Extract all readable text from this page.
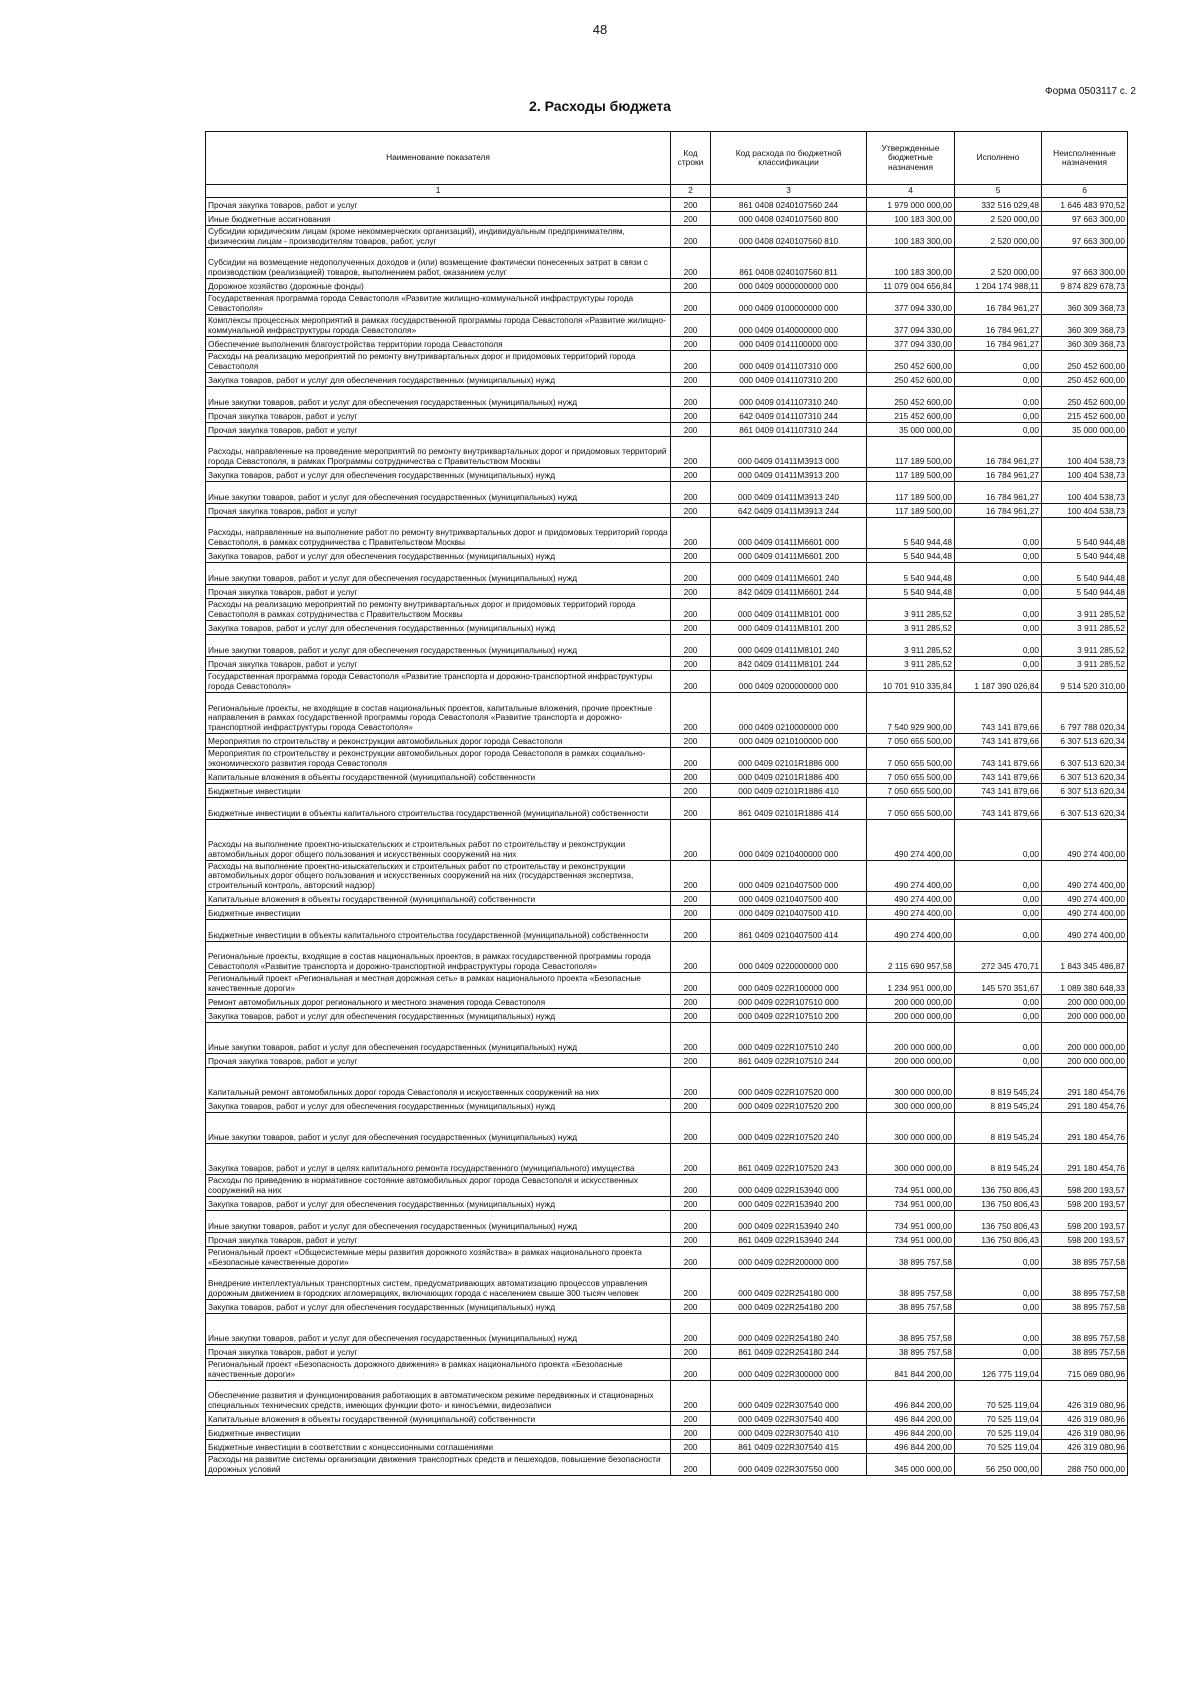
48
Форма 0503117 с. 2
2. Расходы бюджета
Наименование показателя	Код строки	Код расхода по бюджетной классификации	Утвержденные бюджетные назначения	Исполнено	Неисполненные назначения
1	2	3	4	5	6
Прочая закупка товаров, работ и услуг	200	861 0408 0240107560 244	1 979 000 000,00	332 516 029,48	1 646 483 970,52
Иные бюджетные ассигнования	200	000 0408 0240107560 800	100 183 300,00	2 520 000,00	97 663 300,00
Субсидии юридическим лицам (кроме некоммерческих организаций), индивидуальным предпринимателям, физическим лицам - производителям товаров, работ, услуг	200	000 0408 0240107560 810	100 183 300,00	2 520 000,00	97 663 300,00
Субсидии на возмещение недополученных доходов и (или) возмещение фактически понесенных затрат в связи с производством (реализацией) товаров, выполнением работ, оказанием услуг	200	861 0408 0240107560 811	100 183 300,00	2 520 000,00	97 663 300,00
Дорожное хозяйство (дорожные фонды)	200	000 0409 0000000000 000	11 079 004 656,84	1 204 174 988,11	9 874 829 678,73
Государственная программа города Севастополя «Развитие жилищно-коммунальной инфраструктуры города Севастополя»	200	000 0409 0100000000 000	377 094 330,00	16 784 961,27	360 309 368,73
Комплексы процессных мероприятий в рамках государственной программы города Севастополя «Развитие жилищно-коммунальной инфраструктуры города Севастополя»	200	000 0409 0140000000 000	377 094 330,00	16 784 961,27	360 309 368,73
Обеспечение выполнения благоустройства территории города Севастополя	200	000 0409 0141100000 000	377 094 330,00	16 784 961,27	360 309 368,73
Расходы на реализацию мероприятий по ремонту внутриквартальных дорог и придомовых территорий города Севастополя	200	000 0409 0141107310 000	250 452 600,00	0,00	250 452 600,00
Закупка товаров, работ и услуг для обеспечения государственных (муниципальных) нужд	200	000 0409 0141107310 200	250 452 600,00	0,00	250 452 600,00
Иные закупки товаров, работ и услуг для обеспечения государственных (муниципальных) нужд	200	000 0409 0141107310 240	250 452 600,00	0,00	250 452 600,00
Прочая закупка товаров, работ и услуг	200	642 0409 0141107310 244	215 452 600,00	0,00	215 452 600,00
Прочая закупка товаров, работ и услуг	200	861 0409 0141107310 244	35 000 000,00	0,00	35 000 000,00
Расходы, направленные на проведение мероприятий по ремонту внутриквартальных дорог и придомовых территорий города Севастополя, в рамках Программы сотрудничества с Правительством Москвы	200	000 0409 01411M3913 000	117 189 500,00	16 784 961,27	100 404 538,73
Закупка товаров, работ и услуг для обеспечения государственных (муниципальных) нужд	200	000 0409 01411M3913 200	117 189 500,00	16 784 961,27	100 404 538,73
Иные закупки товаров, работ и услуг для обеспечения государственных (муниципальных) нужд	200	000 0409 01411M3913 240	117 189 500,00	16 784 961,27	100 404 538,73
Прочая закупка товаров, работ и услуг	200	642 0409 01411M3913 244	117 189 500,00	16 784 961,27	100 404 538,73
Расходы, направленные на выполнение работ по ремонту внутриквартальных дорог и придомовых территорий города Севастополя, в рамках сотрудничества с Правительством Москвы	200	000 0409 01411M6601 000	5 540 944,48	0,00	5 540 944,48
Закупка товаров, работ и услуг для обеспечения государственных (муниципальных) нужд	200	000 0409 01411M6601 200	5 540 944,48	0,00	5 540 944,48
Иные закупки товаров, работ и услуг для обеспечения государственных (муниципальных) нужд	200	000 0409 01411M6601 240	5 540 944,48	0,00	5 540 944,48
Прочая закупка товаров, работ и услуг	200	842 0409 01411M6601 244	5 540 944,48	0,00	5 540 944,48
Расходы на реализацию мероприятий по ремонту внутриквартальных дорог и придомовых территорий города Севастополя в рамках сотрудничества с Правительством Москвы	200	000 0409 01411M8101 000	3 911 285,52	0,00	3 911 285,52
Закупка товаров, работ и услуг для обеспечения государственных (муниципальных) нужд	200	000 0409 01411M8101 200	3 911 285,52	0,00	3 911 285,52
Иные закупки товаров, работ и услуг для обеспечения государственных (муниципальных) нужд	200	000 0409 01411M8101 240	3 911 285,52	0,00	3 911 285,52
Прочая закупка товаров, работ и услуг	200	842 0409 01411M8101 244	3 911 285,52	0,00	3 911 285,52
Государственная программа города Севастополя «Развитие транспорта и дорожно-транспортной инфраструктуры города Севастополя»	200	000 0409 0200000000 000	10 701 910 335,84	1 187 390 026,84	9 514 520 310,00
Региональные проекты, не входящие в состав национальных проектов, капитальные вложения, прочие проектные направления в рамках государственной программы города Севастополя «Развитие транспорта и дорожно-транспортной инфраструктуры города Севастополя»	200	000 0409 0210000000 000	7 540 929 900,00	743 141 879,66	6 797 788 020,34
Мероприятия по строительству и реконструкции автомобильных дорог города Севастополя	200	000 0409 0210100000 000	7 050 655 500,00	743 141 879,66	6 307 513 620,34
Мероприятия по строительству и реконструкции автомобильных дорог города Севастополя в рамках социально-экономического развития города Севастополя	200	000 0409 02101R1886 000	7 050 655 500,00	743 141 879,66	6 307 513 620,34
Капитальные вложения в объекты государственной (муниципальной) собственности	200	000 0409 02101R1886 400	7 050 655 500,00	743 141 879,66	6 307 513 620,34
Бюджетные инвестиции	200	000 0409 02101R1886 410	7 050 655 500,00	743 141 879,66	6 307 513 620,34
Бюджетные инвестиции в объекты капитального строительства государственной (муниципальной) собственности	200	861 0409 02101R1886 414	7 050 655 500,00	743 141 879,66	6 307 513 620,34
Расходы на выполнение проектно-изыскательских и строительных работ по строительству и реконструкции автомобильных дорог общего пользования и искусственных сооружений на них	200	000 0409 0210400000 000	490 274 400,00	0,00	490 274 400,00
Расходы на выполнение проектно-изыскательских и строительных работ по строительству и реконструкции автомобильных дорог общего пользования и искусственных сооружений на них (государственная экспертиза, строительный контроль, авторский надзор)	200	000 0409 0210407500 000	490 274 400,00	0,00	490 274 400,00
Капитальные вложения в объекты государственной (муниципальной) собственности	200	000 0409 0210407500 400	490 274 400,00	0,00	490 274 400,00
Бюджетные инвестиции	200	000 0409 0210407500 410	490 274 400,00	0,00	490 274 400,00
Бюджетные инвестиции в объекты капитального строительства государственной (муниципальной) собственности	200	861 0409 0210407500 414	490 274 400,00	0,00	490 274 400,00
Региональные проекты, входящие в состав национальных проектов, в рамках государственной программы города Севастополя «Развитие транспорта и дорожно-транспортной инфраструктуры города Севастополя»	200	000 0409 0220000000 000	2 115 690 957,58	272 345 470,71	1 843 345 486,87
Региональный проект «Региональная и местная дорожная сеть» в рамках национального проекта «Безопасные качественные дороги»	200	000 0409 022R100000 000	1 234 951 000,00	145 570 351,67	1 089 380 648,33
Ремонт автомобильных дорог регионального и местного значения города Севастополя	200	000 0409 022R107510 000	200 000 000,00	0,00	200 000 000,00
Закупка товаров, работ и услуг для обеспечения государственных (муниципальных) нужд	200	000 0409 022R107510 200	200 000 000,00	0,00	200 000 000,00
Иные закупки товаров, работ и услуг для обеспечения государственных (муниципальных) нужд	200	000 0409 022R107510 240	200 000 000,00	0,00	200 000 000,00
Прочая закупка товаров, работ и услуг	200	861 0409 022R107510 244	200 000 000,00	0,00	200 000 000,00
Капитальный ремонт автомобильных дорог города Севастополя и искусственных сооружений на них	200	000 0409 022R107520 000	300 000 000,00	8 819 545,24	291 180 454,76
Закупка товаров, работ и услуг для обеспечения государственных (муниципальных) нужд	200	000 0409 022R107520 200	300 000 000,00	8 819 545,24	291 180 454,76
Иные закупки товаров, работ и услуг для обеспечения государственных (муниципальных) нужд	200	000 0409 022R107520 240	300 000 000,00	8 819 545,24	291 180 454,76
Закупка товаров, работ и услуг в целях капитального ремонта государственного (муниципального) имущества	200	861 0409 022R107520 243	300 000 000,00	8 819 545,24	291 180 454,76
Расходы по приведению в нормативное состояние автомобильных дорог города Севастополя и искусственных сооружений на них	200	000 0409 022R153940 000	734 951 000,00	136 750 806,43	598 200 193,57
Закупка товаров, работ и услуг для обеспечения государственных (муниципальных) нужд	200	000 0409 022R153940 200	734 951 000,00	136 750 806,43	598 200 193,57
Иные закупки товаров, работ и услуг для обеспечения государственных (муниципальных) нужд	200	000 0409 022R153940 240	734 951 000,00	136 750 806,43	598 200 193,57
Прочая закупка товаров, работ и услуг	200	861 0409 022R153940 244	734 951 000,00	136 750 806,43	598 200 193,57
Региональный проект «Общесистемные меры развития дорожного хозяйства» в рамках национального проекта «Безопасные качественные дороги»	200	000 0409 022R200000 000	38 895 757,58	0,00	38 895 757,58
Внедрение интеллектуальных транспортных систем, предусматривающих автоматизацию процессов управления дорожным движением в городских агломерациях, включающих города с населением свыше 300 тысяч человек	200	000 0409 022R254180 000	38 895 757,58	0,00	38 895 757,58
Закупка товаров, работ и услуг для обеспечения государственных (муниципальных) нужд	200	000 0409 022R254180 200	38 895 757,58	0,00	38 895 757,58
Иные закупки товаров, работ и услуг для обеспечения государственных (муниципальных) нужд	200	000 0409 022R254180 240	38 895 757,58	0,00	38 895 757,58
Прочая закупка товаров, работ и услуг	200	861 0409 022R254180 244	38 895 757,58	0,00	38 895 757,58
Региональный проект «Безопасность дорожного движения» в рамках национального проекта «Безопасные качественные дороги»	200	000 0409 022R300000 000	841 844 200,00	126 775 119,04	715 069 080,96
Обеспечение развития и функционирования работающих в автоматическом режиме передвижных и стационарных специальных технических средств, имеющих функции фото- и киносъемки, видеозаписи	200	000 0409 022R307540 000	496 844 200,00	70 525 119,04	426 319 080,96
Капитальные вложения в объекты государственной (муниципальной) собственности	200	000 0409 022R307540 400	496 844 200,00	70 525 119,04	426 319 080,96
Бюджетные инвестиции	200	000 0409 022R307540 410	496 844 200,00	70 525 119,04	426 319 080,96
Бюджетные инвестиции в соответствии с концессионными соглашениями	200	861 0409 022R307540 415	496 844 200,00	70 525 119,04	426 319 080,96
Расходы на развитие системы организации движения транспортных средств и пешеходов, повышение безопасности дорожных условий	200	000 0409 022R307550 000	345 000 000,00	56 250 000,00	288 750 000,00
